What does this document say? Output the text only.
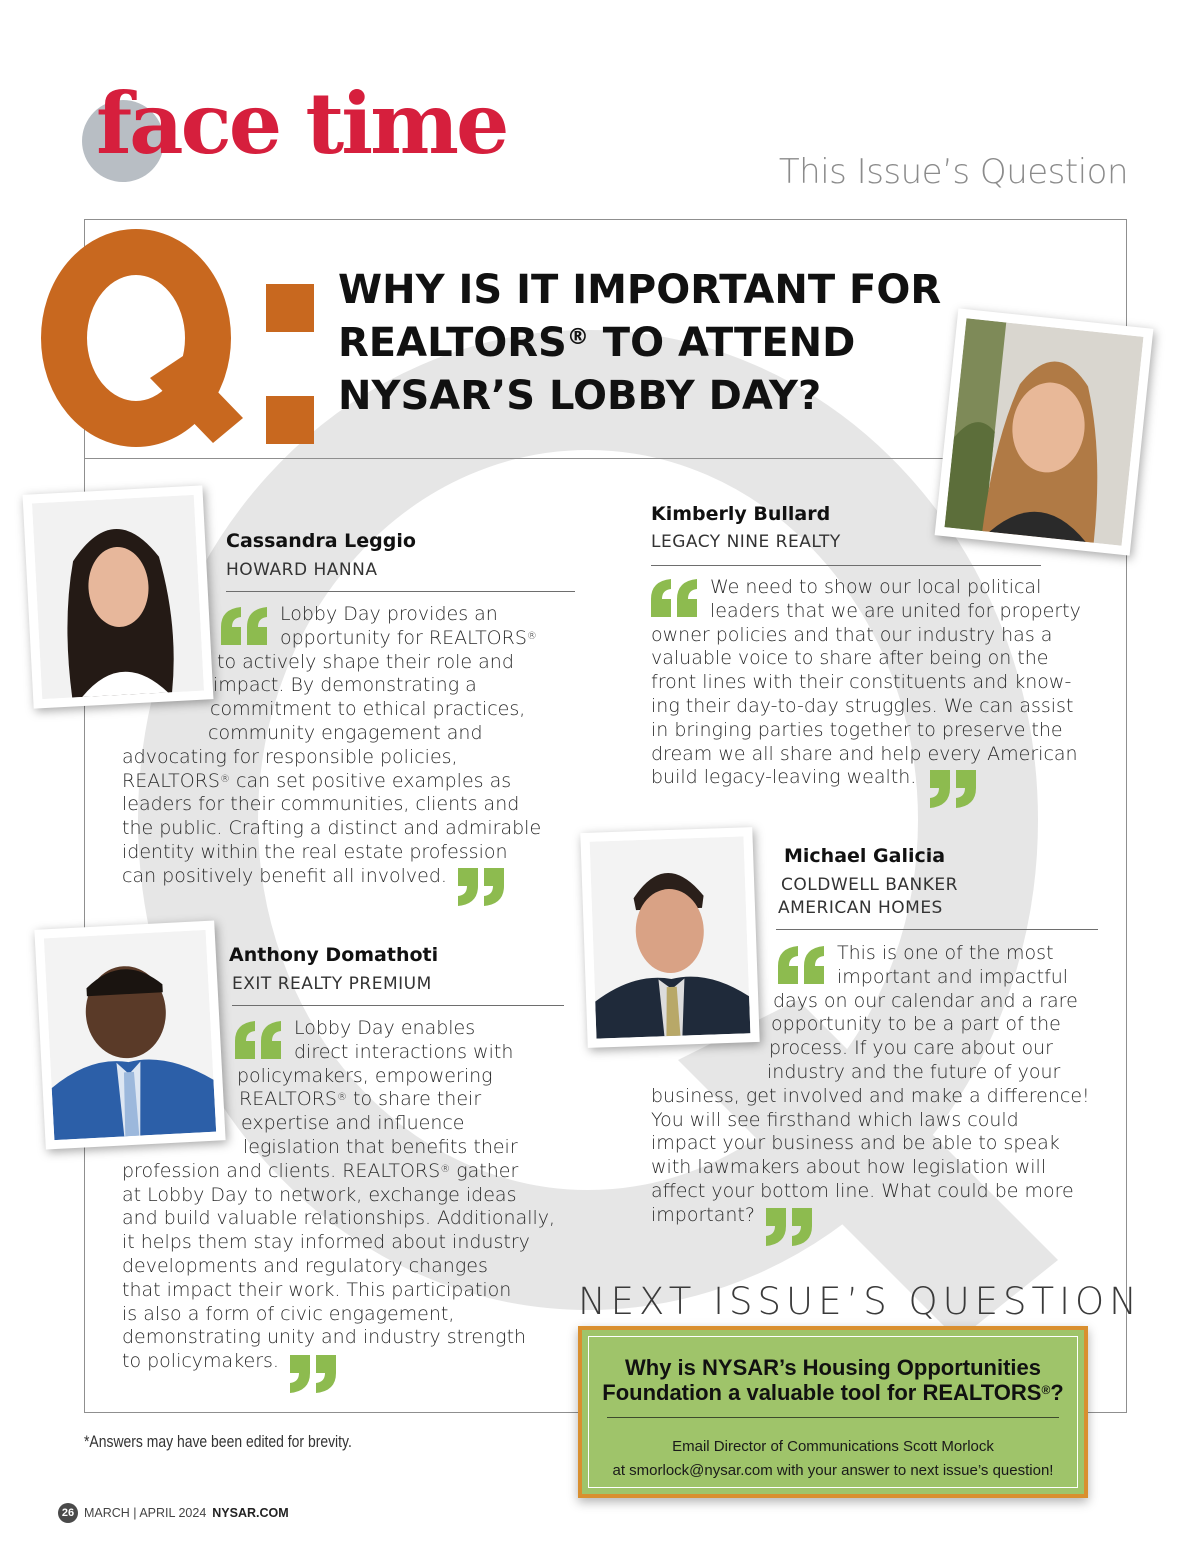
face time	This Issue’s Question
WHY IS IT IMPORTANT FOR
REALTORS® TO ATTEND
NYSAR’S LOBBY DAY?
Cassandra Leggio
HOWARD HANNA
Lobby Day provides an
opportunity for REALTORS®
to actively shape their role and
impact. By demonstrating a
commitment to ethical practices,
community engagement and
advocating for responsible policies,
REALTORS® can set positive examples as
leaders for their communities, clients and
the public. Crafting a distinct and admirable
identity within the real estate profession
can positively benefit all involved.
Kimberly Bullard
LEGACY NINE REALTY
We need to show our local political
leaders that we are united for property
owner policies and that our industry has a
valuable voice to share after being on the
front lines with their constituents and know-
ing their day-to-day struggles. We can assist
in bringing parties together to preserve the
dream we all share and help every American
build legacy-leaving wealth.
Michael Galicia
COLDWELL BANKER
AMERICAN HOMES
This is one of the most
important and impactful
days on our calendar and a rare
opportunity to be a part of the
process. If you care about our
industry and the future of your
business, get involved and make a difference!
You will see firsthand which laws could
impact your business and be able to speak
with lawmakers about how legislation will
affect your bottom line. What could be more
important?
Anthony Domathoti
EXIT REALTY PREMIUM
Lobby Day enables
direct interactions with
policymakers, empowering
REALTORS® to share their
expertise and influence
legislation that benefits their
profession and clients. REALTORS® gather
at Lobby Day to network, exchange ideas
and build valuable relationships. Additionally,
it helps them stay informed about industry
developments and regulatory changes
that impact their work. This participation
is also a form of civic engagement,
demonstrating unity and industry strength
to policymakers.
NEXT ISSUE’S QUESTION
Why is NYSAR’s Housing Opportunities
Foundation a valuable tool for REALTORS®?
Email Director of Communications Scott Morlock
at smorlock@nysar.com with your answer to next issue’s question!
*Answers may have been edited for brevity.
26 MARCH | APRIL 2024 NYSAR.COM
